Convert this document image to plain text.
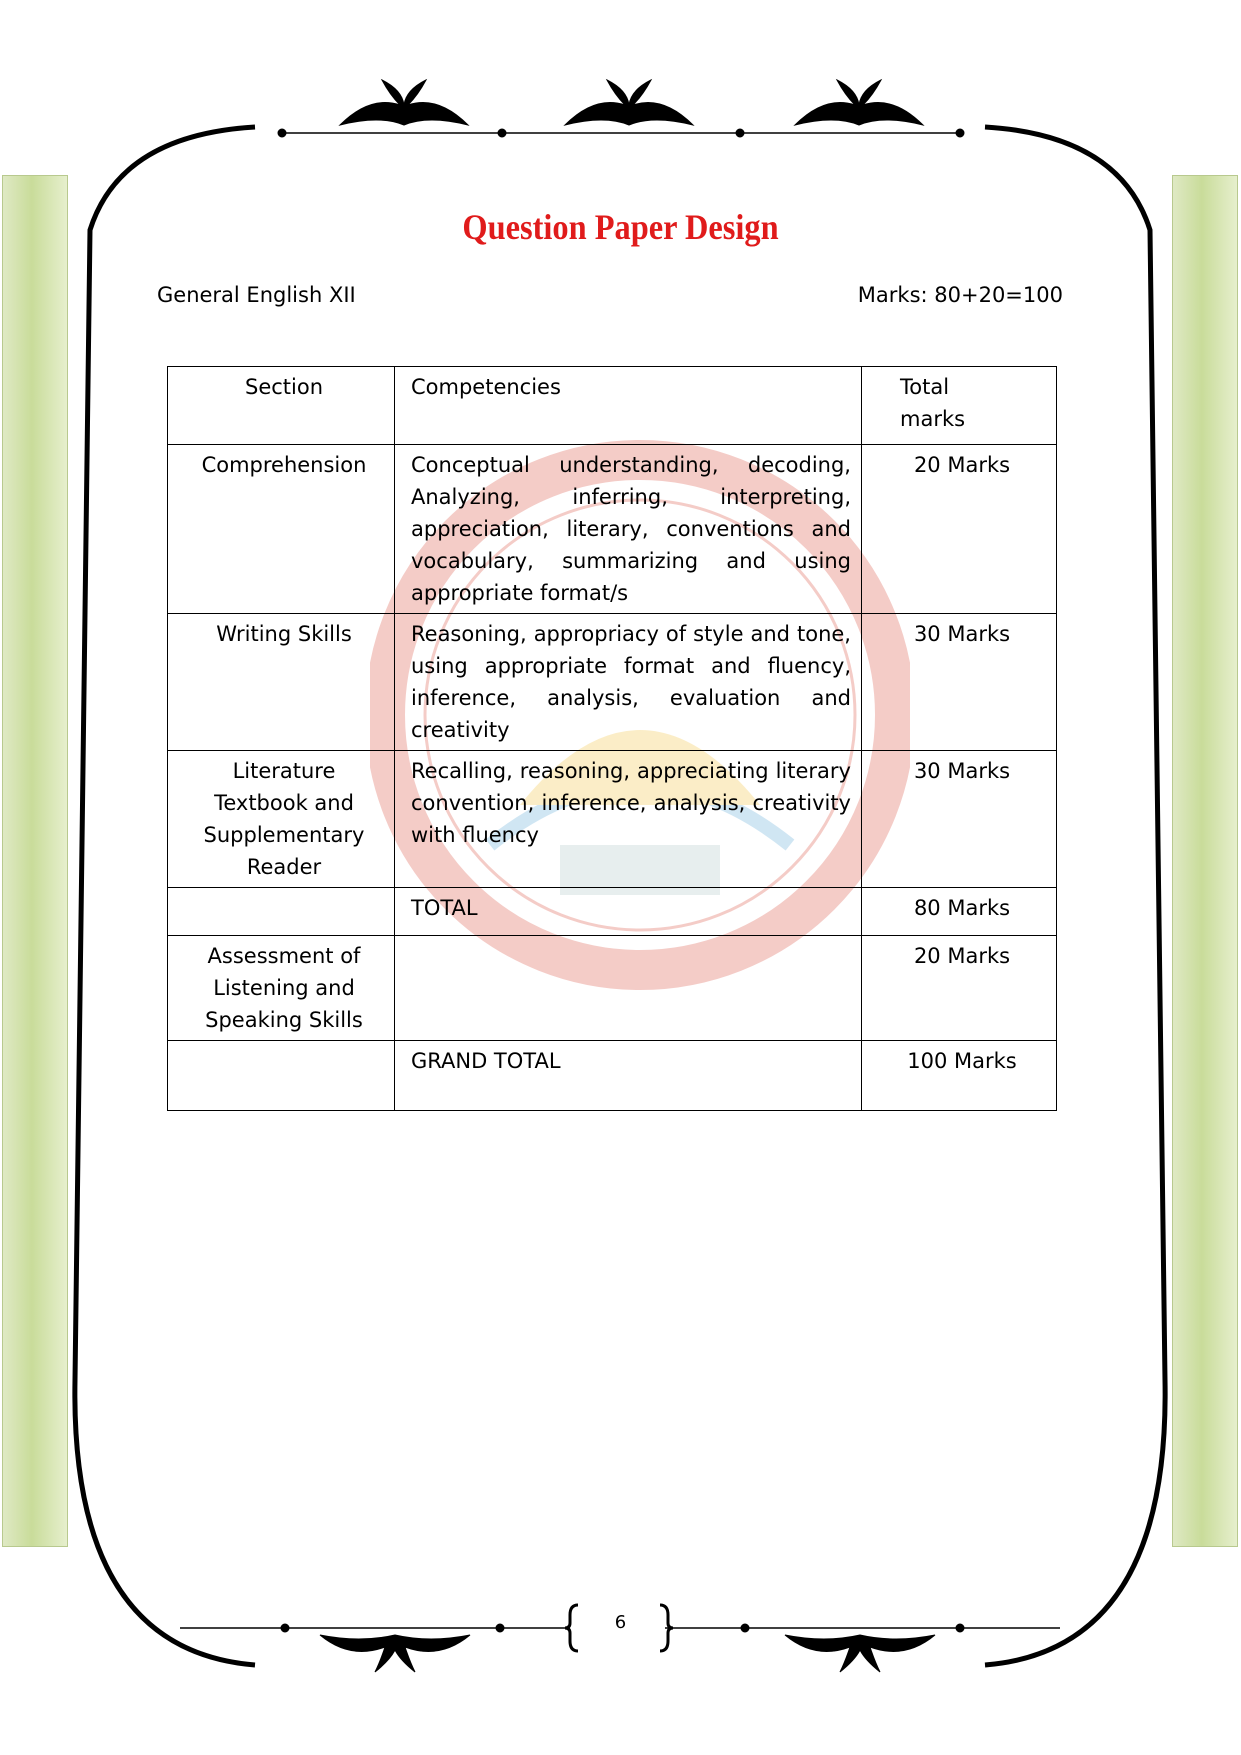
Question Paper Design
General English XII	Marks: 80+20=100
Section	Competencies	Total marks
Comprehension	Conceptual understanding, decoding, Analyzing, inferring, interpreting, appreciation, literary, conventions and vocabulary, summarizing and using appropriate format/s	20 Marks
Writing Skills	Reasoning, appropriacy of style and tone, using appropriate format and fluency, inference, analysis, evaluation and creativity	30 Marks
Literature Textbook and Supplementary Reader	Recalling, reasoning, appreciating literary convention, inference, analysis, creativity with fluency	30 Marks
	TOTAL	80 Marks
Assessment of Listening and Speaking Skills		20 Marks
	GRAND TOTAL	100 Marks
6
